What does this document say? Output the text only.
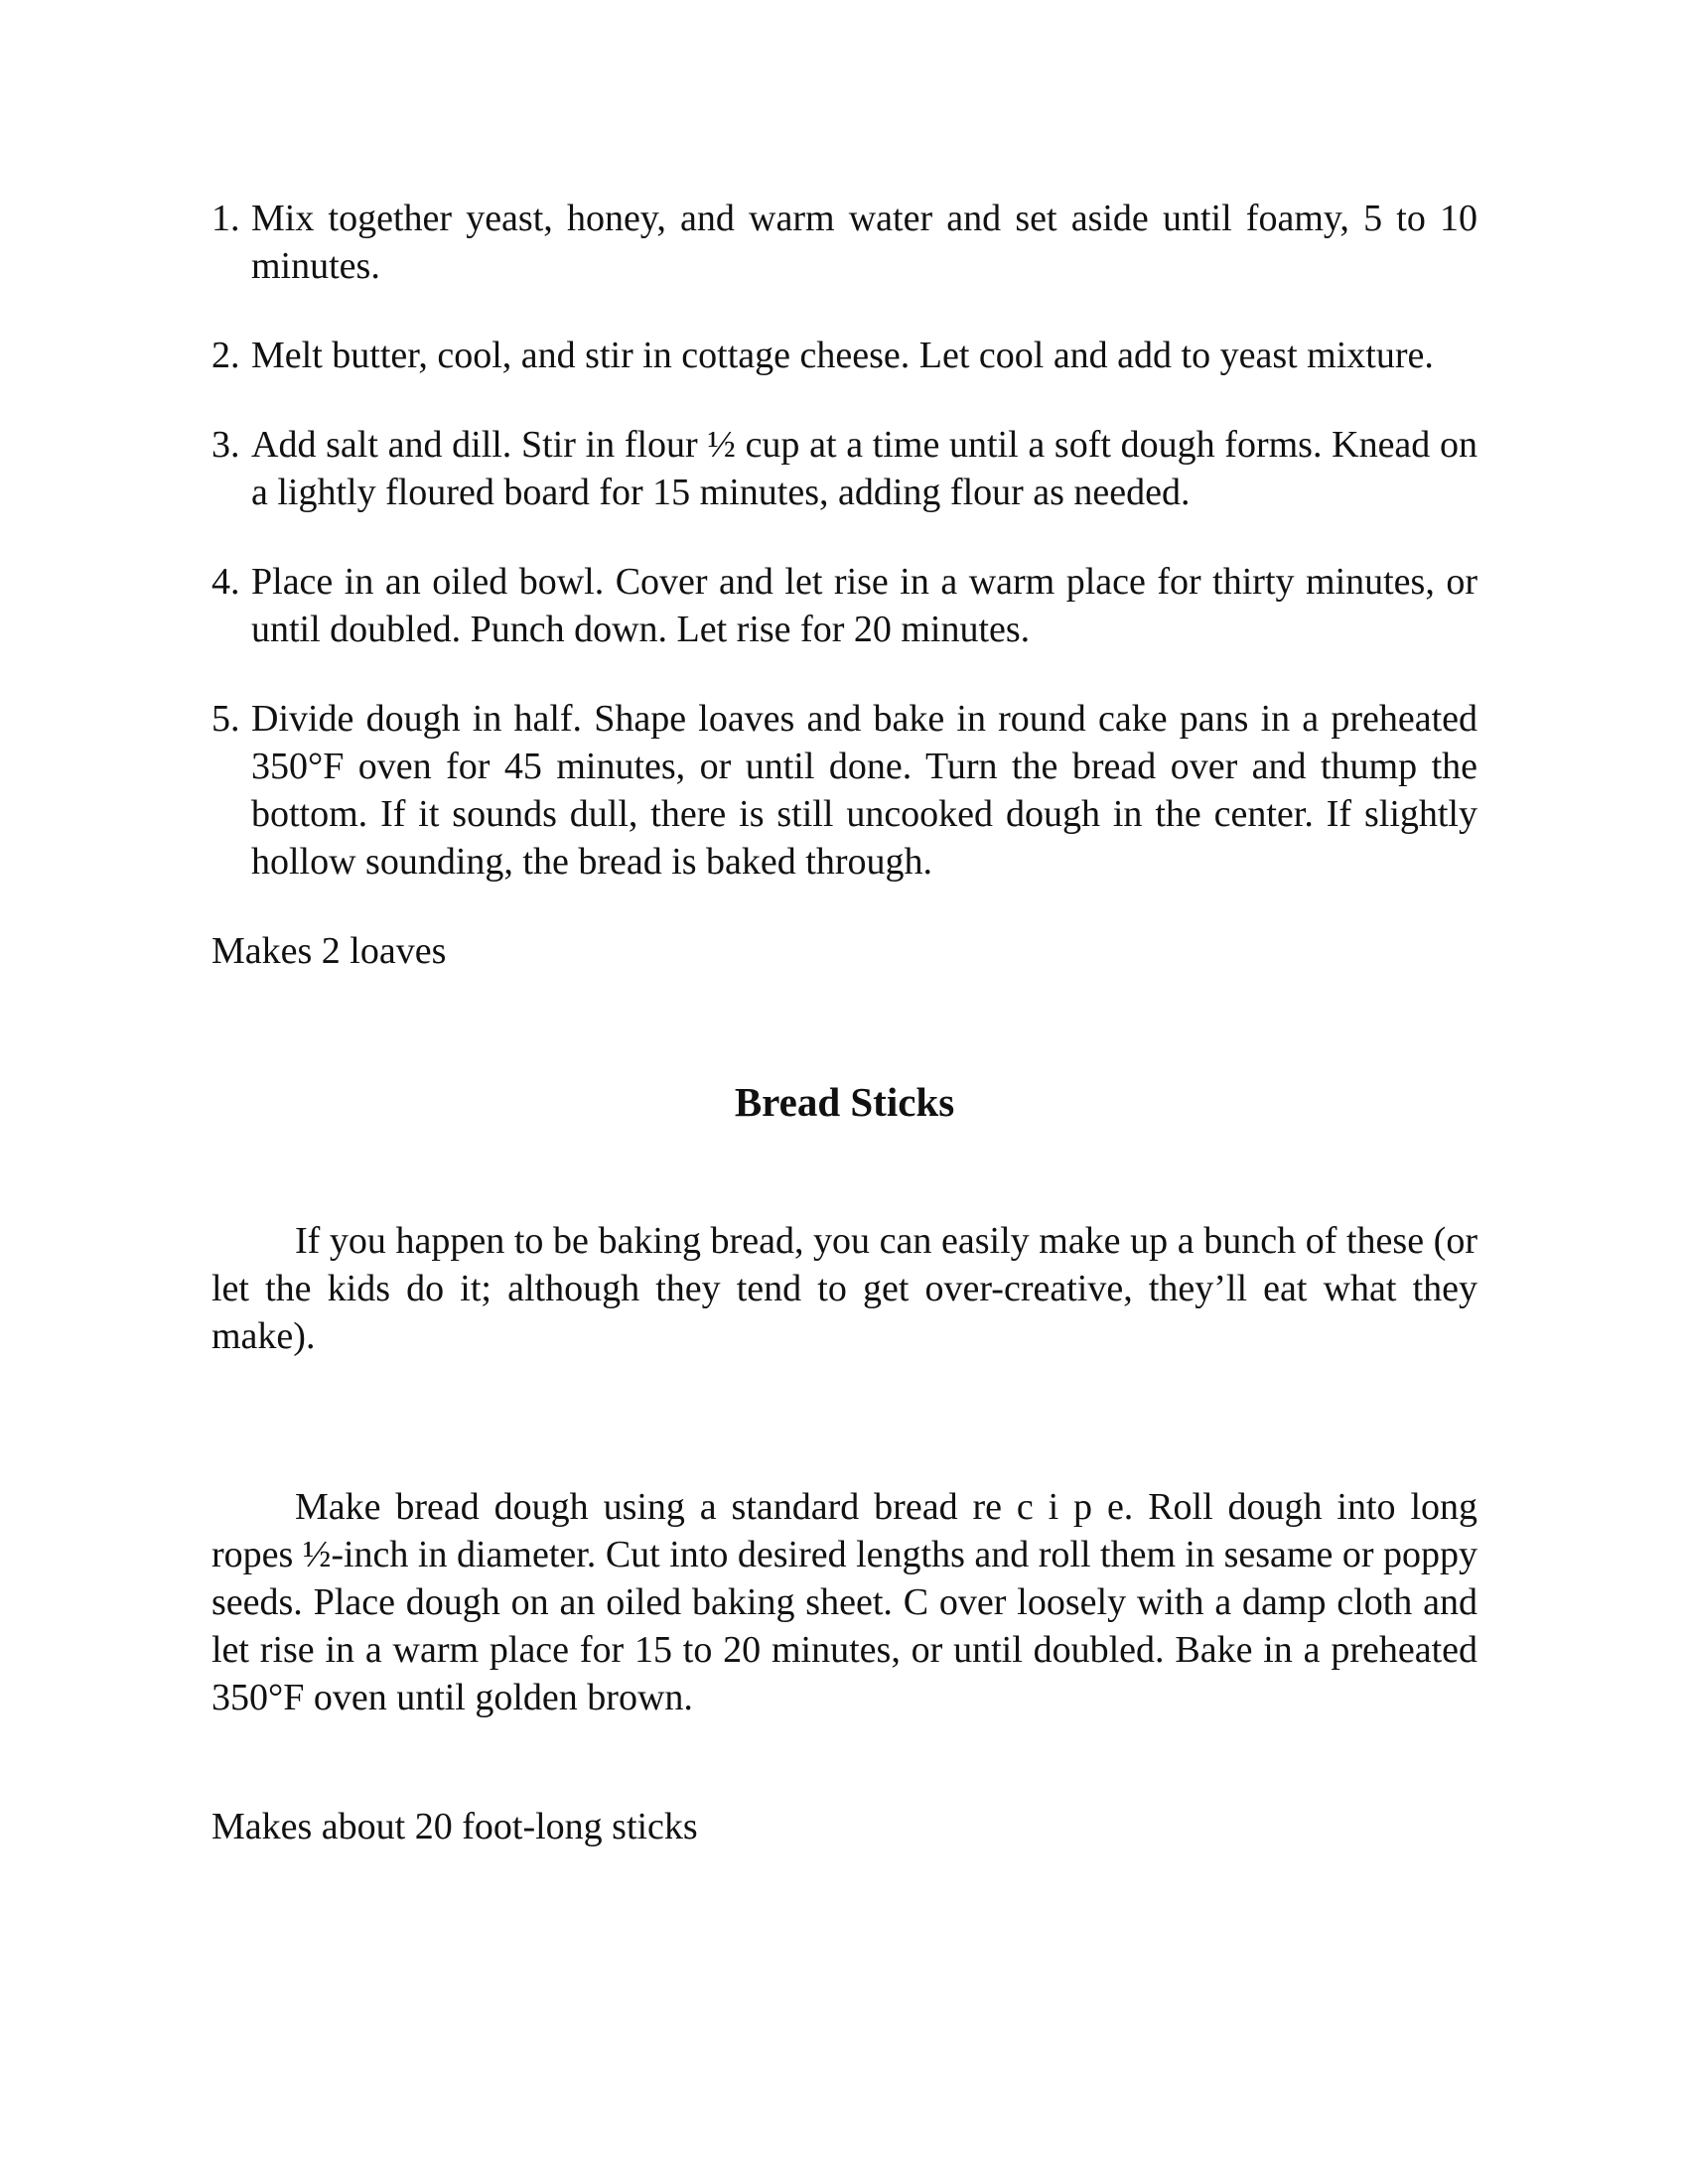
1. Mix together yeast, honey, and warm water and set aside until foamy, 5 to 10 minutes.
2. Melt butter, cool, and stir in cottage cheese. Let cool and add to yeast mixture.
3. Add salt and dill. Stir in flour ½ cup at a time until a soft dough forms. Knead on a lightly floured board for 15 minutes, adding flour as needed.
4. Place in an oiled bowl. Cover and let rise in a warm place for thirty minutes, or until doubled. Punch down. Let rise for 20 minutes.
5. Divide dough in half. Shape loaves and bake in round cake pans in a preheated 350°F oven for 45 minutes, or until done. Turn the bread over and thump the bottom. If it sounds dull, there is still uncooked dough in the center. If slightly hollow sounding, the bread is baked through.

Makes 2 loaves

Bread Sticks

If you happen to be baking bread, you can easily make up a bunch of these (or let the kids do it; although they tend to get over-creative, they’ll eat what they make).

Make bread dough using a standard bread re c i p e. Roll dough into long ropes ½-inch in diameter. Cut into desired lengths and roll them in sesame or poppy seeds. Place dough on an oiled baking sheet. C over loosely with a damp cloth and let rise in a warm place for 15 to 20 minutes, or until doubled. Bake in a preheated 350°F oven until golden brown.

Makes about 20 foot-long sticks
